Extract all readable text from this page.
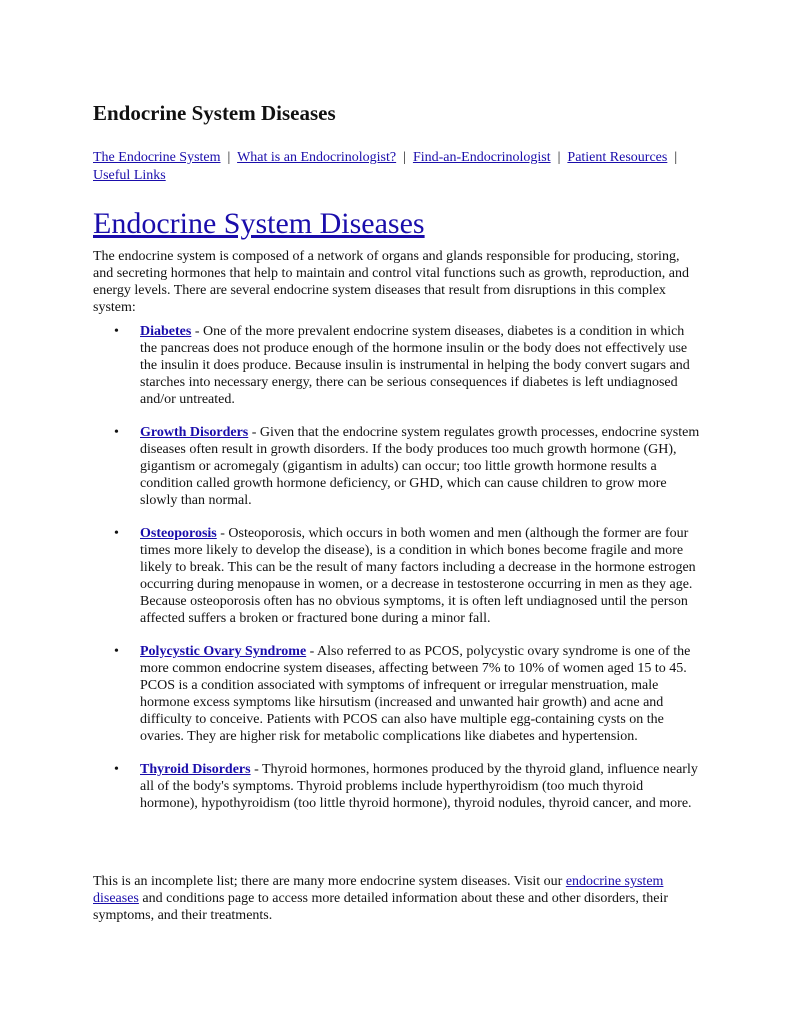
Endocrine System Diseases
The Endocrine System | What is an Endocrinologist? | Find-an-Endocrinologist | Patient Resources |  Useful Links
Endocrine System Diseases

The endocrine system is composed of a network of organs and glands responsible for producing, storing, and secreting hormones that help to maintain and control vital functions such as growth, reproduction, and energy levels. There are several endocrine system diseases that result from disruptions in this complex system:

• Diabetes - One of the more prevalent endocrine system diseases, diabetes is a condition in which the pancreas does not produce enough of the hormone insulin or the body does not effectively use the insulin it does produce. Because insulin is instrumental in helping the body convert sugars and starches into necessary energy, there can be serious consequences if diabetes is left undiagnosed and/or untreated.
• Growth Disorders - Given that the endocrine system regulates growth processes, endocrine system diseases often result in growth disorders. If the body produces too much growth hormone (GH), gigantism or acromegaly (gigantism in adults) can occur; too little growth hormone results a condition called growth hormone deficiency, or GHD, which can cause children to grow more slowly than normal.
• Osteoporosis - Osteoporosis, which occurs in both women and men (although the former are four times more likely to develop the disease), is a condition in which bones become fragile and more likely to break. This can be the result of many factors including a decrease in the hormone estrogen occurring during menopause in women, or a decrease in testosterone occurring in men as they age. Because osteoporosis often has no obvious symptoms, it is often left undiagnosed until the person affected suffers a broken or fractured bone during a minor fall.
• Polycystic Ovary Syndrome - Also referred to as PCOS, polycystic ovary syndrome is one of the more common endocrine system diseases, affecting between 7% to 10% of women aged 15 to 45. PCOS is a condition associated with symptoms of infrequent or irregular menstruation, male hormone excess symptoms like hirsutism (increased and unwanted hair growth) and acne and difficulty to conceive. Patients with PCOS can also have multiple egg-containing cysts on the ovaries. They are higher risk for metabolic complications like diabetes and hypertension.
• Thyroid Disorders - Thyroid hormones, hormones produced by the thyroid gland, influence nearly all of the body's symptoms. Thyroid problems include hyperthyroidism (too much thyroid hormone), hypothyroidism (too little thyroid hormone), thyroid nodules, thyroid cancer, and more.

This is an incomplete list; there are many more endocrine system diseases. Visit our endocrine system diseases and conditions page to access more detailed information about these and other disorders, their symptoms, and their treatments.
